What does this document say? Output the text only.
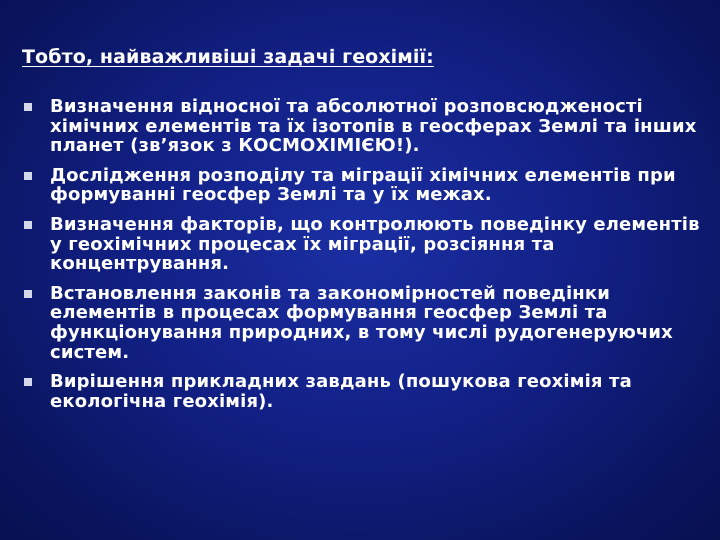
Тобто, найважливіші задачі геохімії:
Визначення відносної та абсолютної розповсюдженості хімічних елементів та їх ізотопів в геосферах Землі та інших планет (зв’язок з КОСМОХІМІЄЮ!).
Дослідження розподілу та міграції хімічних елементів при формуванні геосфер Землі та у їх межах.
Визначення факторів, що контролюють поведінку елементів у геохімічних процесах їх міграції, розсіяння та концентрування.
Встановлення законів та закономірностей поведінки елементів в процесах формування геосфер Землі та функціонування природних, в тому числі рудогенеруючих систем.
Вирішення прикладних завдань (пошукова геохімія та екологічна геохімія).
